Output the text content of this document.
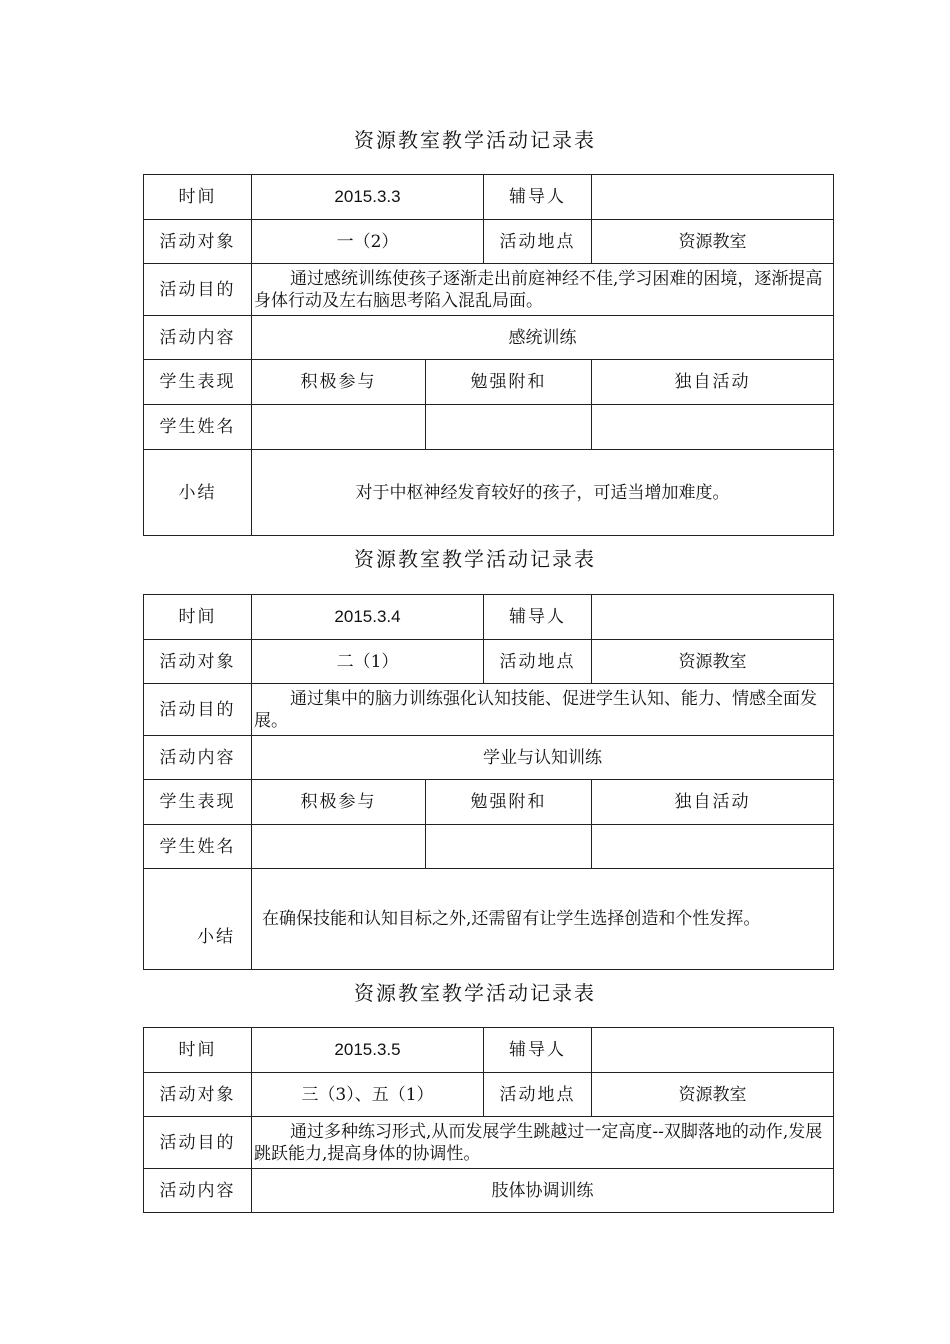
资源教室教学活动记录表
时间	2015.3.3		辅导人	
活动对象	一（2）		活动地点	资源教室
活动目的	通过感统训练使孩子逐渐走出前庭神经不佳,学习困难的困境，逐渐提高身体行动及左右脑思考陷入混乱局面。			
活动内容	感统训练			
学生表现	积极参与	勉强附和		独自活动
学生姓名				
小结	对于中枢神经发育较好的孩子，可适当增加难度。			
资源教室教学活动记录表
时间	2015.3.4		辅导人	
活动对象	二（1）		活动地点	资源教室
活动目的	通过集中的脑力训练强化认知技能、促进学生认知、能力、情感全面发展。			
活动内容	学业与认知训练			
学生表现	积极参与	勉强附和		独自活动
学生姓名				
小结	在确保技能和认知目标之外,还需留有让学生选择创造和个性发挥。			
资源教室教学活动记录表
时间	2015.3.5	辅导人	
活动对象	三（3）、五（1）	活动地点	资源教室
活动目的	通过多种练习形式,从而发展学生跳越过一定高度--双脚落地的动作,发展跳跃能力,提高身体的协调性。		
活动内容	肢体协调训练		
